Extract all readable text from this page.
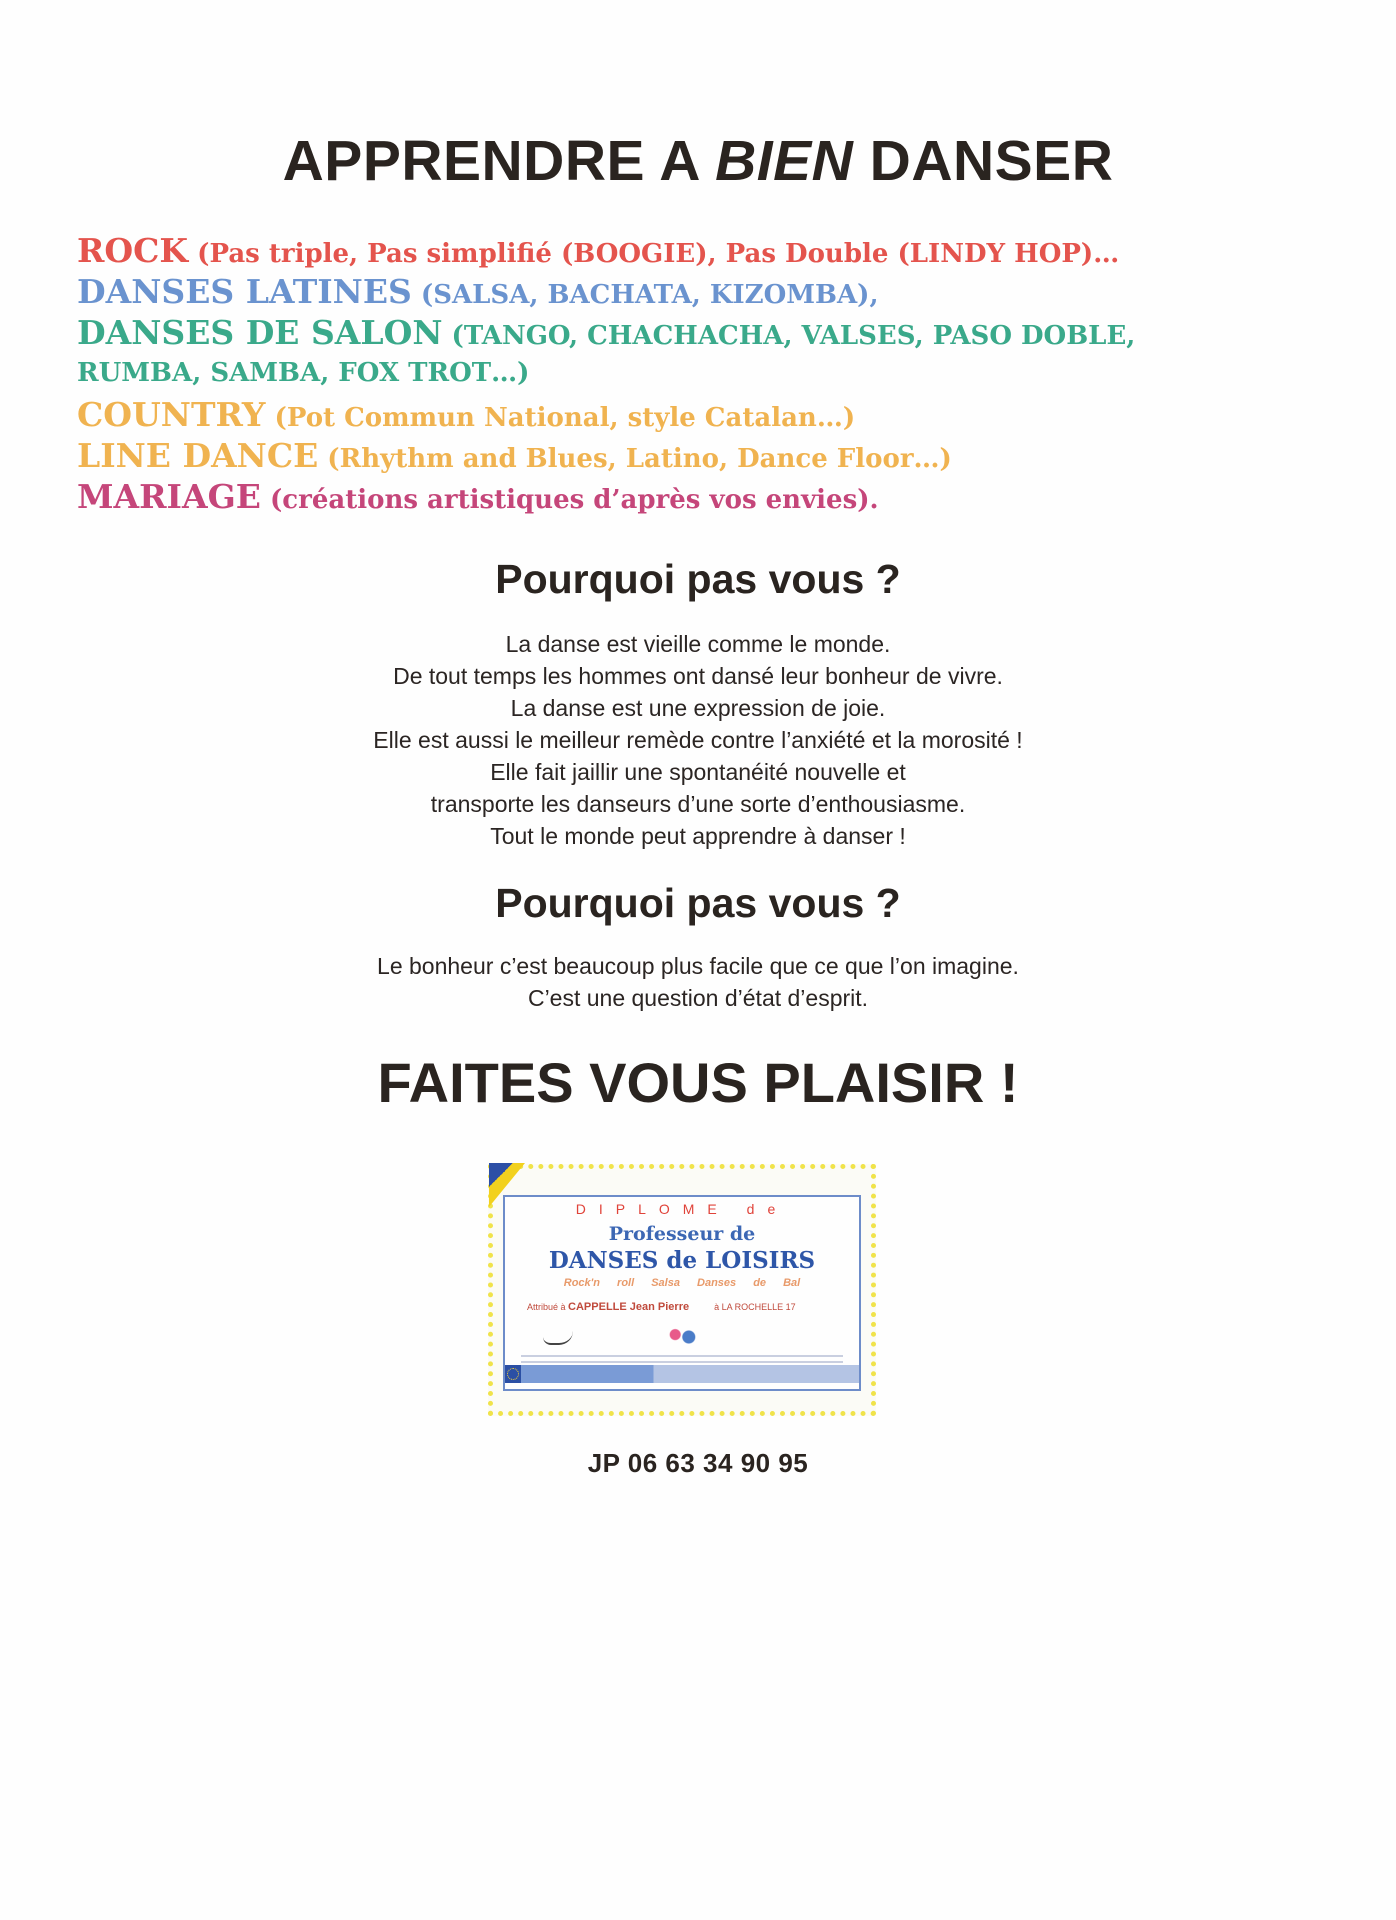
APPRENDRE A BIEN DANSER
ROCK (Pas triple, Pas simplifié (BOOGIE), Pas Double (LINDY HOP)…
DANSES LATINES (SALSA, BACHATA, KIZOMBA),
DANSES DE SALON (TANGO, CHACHACHA, VALSES, PASO DOBLE,
RUMBA, SAMBA, FOX TROT…)
COUNTRY (Pot Commun National, style Catalan…)
LINE DANCE (Rhythm and Blues, Latino, Dance Floor…)
MARIAGE (créations artistiques d’après vos envies).
Pourquoi pas vous ?
La danse est vieille comme le monde.
De tout temps les hommes ont dansé leur bonheur de vivre.
La danse est une expression de joie.
Elle est aussi le meilleur remède contre l’anxiété et la morosité !
Elle fait jaillir une spontanéité nouvelle et
transporte les danseurs d’une sorte d’enthousiasme.
Tout le monde peut apprendre à danser !
Pourquoi pas vous ?
Le bonheur c’est beaucoup plus facile que ce que l’on imagine.
C’est une question d’état d’esprit.
FAITES VOUS PLAISIR !
DIPLOME de
Professeur de
DANSES de LOISIRS
Rock'n roll Salsa Danses de Bal
Attribué à CAPPELLE Jean Pierre	à LA ROCHELLE 17
JP 06 63 34 90 95
